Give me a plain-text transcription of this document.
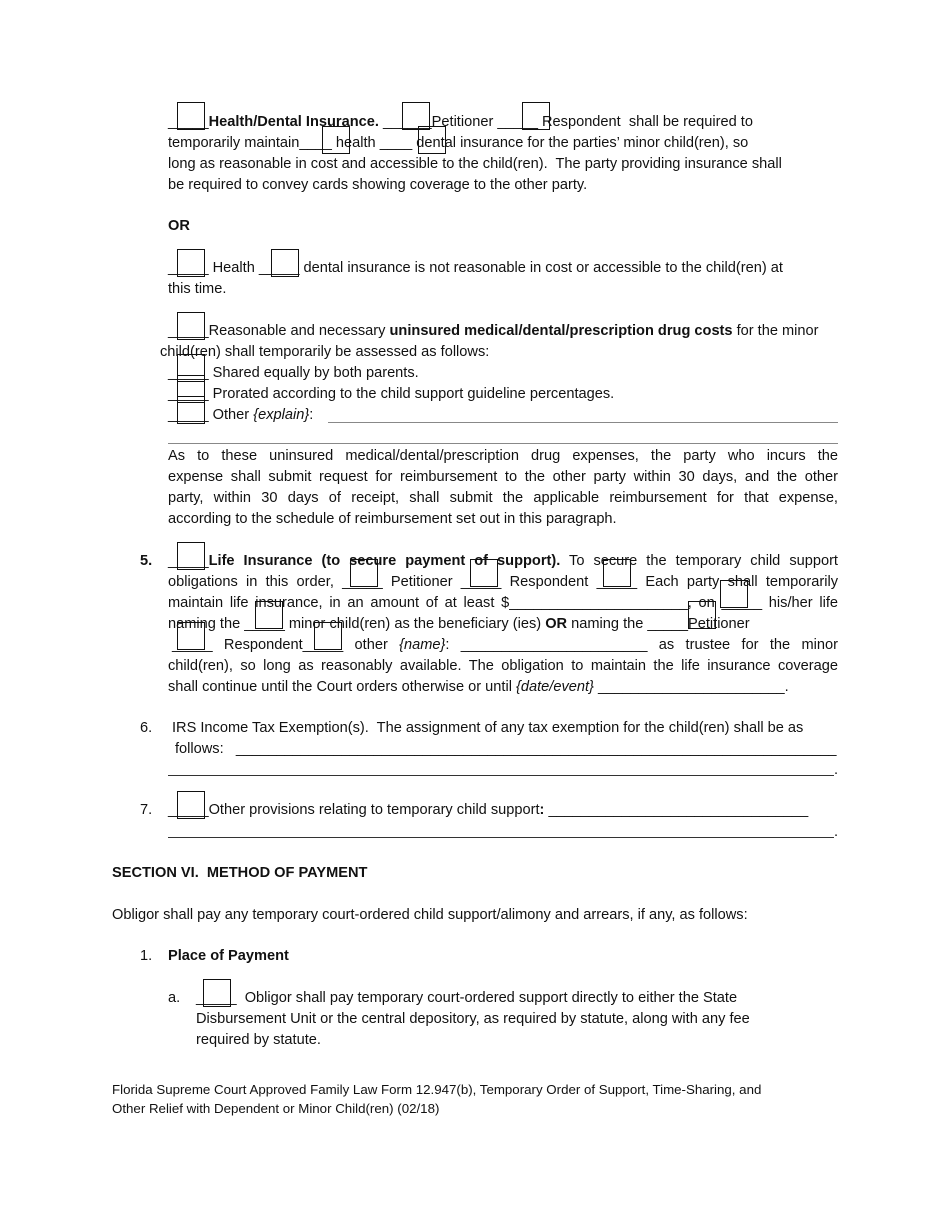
_____Health/Dental Insurance. ______Petitioner _____ Respondent  shall be required to
temporarily maintain____ health ____ dental insurance for the parties’ minor child(ren), so
long as reasonable in cost and accessible to the child(ren).  The party providing insurance shall
be required to convey cards showing coverage to the other party.
OR
_____ Health _____ dental insurance is not reasonable in cost or accessible to the child(ren) at
this time.
_____Reasonable and necessary uninsured medical/dental/prescription drug costs for the minor
child(ren) shall temporarily be assessed as follows:
_____ Shared equally by both parents.
_____ Prorated according to the child support guideline percentages.
_____ Other {explain}:
As to these uninsured medical/dental/prescription drug expenses, the party who incurs the
expense shall submit request for reimbursement to the other party within 30 days, and the other
party, within 30 days of receipt, shall submit the applicable reimbursement for that expense,
according to the schedule of reimbursement set out in this paragraph.
5. _____Life Insurance (to secure payment of support). To secure the temporary child support
obligations in this order, _____ Petitioner _____ Respondent _____ Each party shall temporarily
maintain life insurance, in an amount of at least $______________________, on _____ his/her life
naming the _____ minor child(ren) as the beneficiary (ies) OR naming the _____Petitioner
_____ Respondent_____ other {name}: _______________________ as trustee for the minor
child(ren), so long as reasonably available. The obligation to maintain the life insurance coverage
shall continue until the Court orders otherwise or until {date/event} _______________________.
6. IRS Income Tax Exemption(s).  The assignment of any tax exemption for the child(ren) shall be as
follows:   __________________________________________________________________________
.
7. _____Other provisions relating to temporary child support: ________________________________
.
SECTION VI.  METHOD OF PAYMENT
Obligor shall pay any temporary court-ordered child support/alimony and arrears, if any, as follows:
1. Place of Payment
a. _____  Obligor shall pay temporary court-ordered support directly to either the State
Disbursement Unit or the central depository, as required by statute, along with any fee
required by statute.
Florida Supreme Court Approved Family Law Form 12.947(b), Temporary Order of Support, Time-Sharing, and
Other Relief with Dependent or Minor Child(ren) (02/18)
